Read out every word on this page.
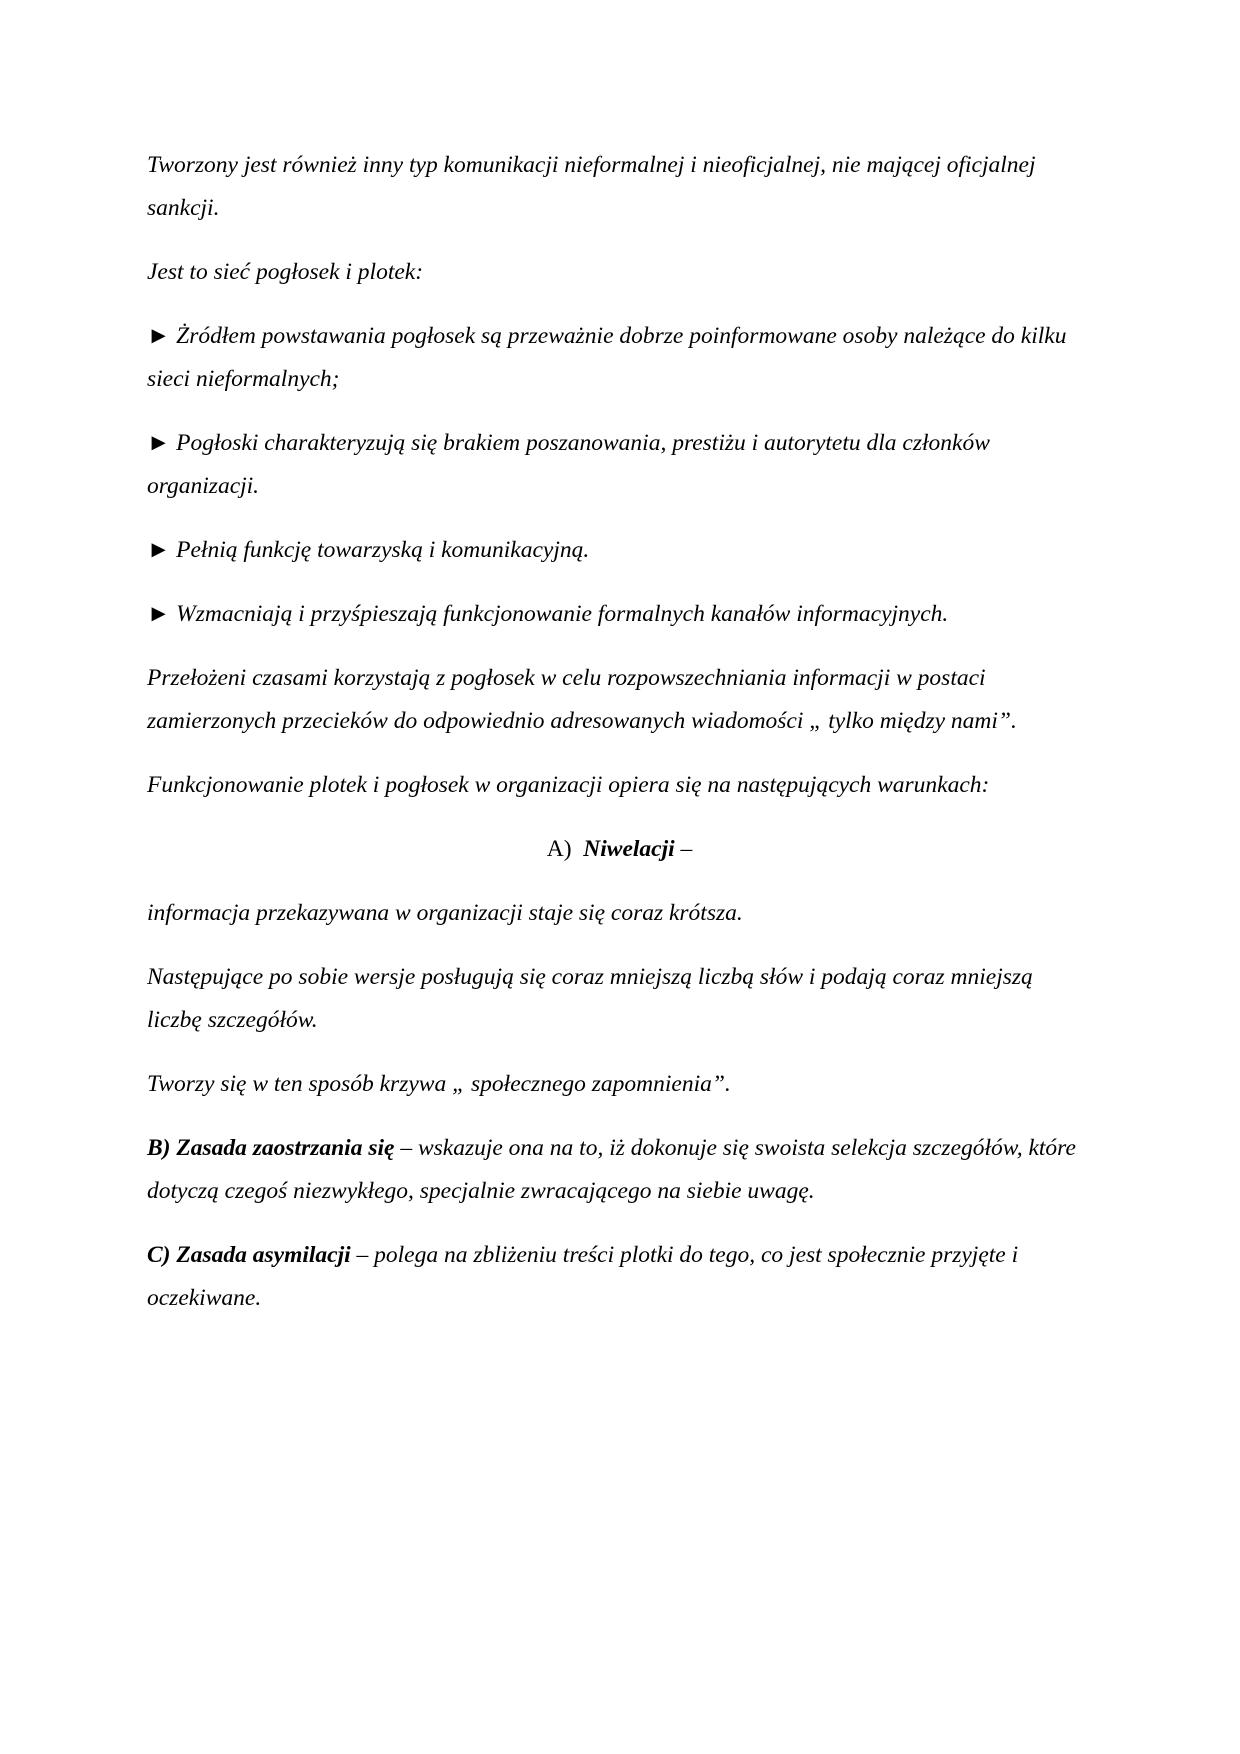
Tworzony jest również inny typ komunikacji nieformalnej i nieoficjalnej, nie mającej oficjalnej sankcji.

Jest to sieć pogłosek i plotek:

► Żródłem powstawania pogłosek są przeważnie dobrze poinformowane osoby należące do kilku sieci nieformalnych;

► Pogłoski charakteryzują się brakiem poszanowania, prestiżu i autorytetu dla członków organizacji.

► Pełnią funkcję towarzyską i komunikacyjną.

► Wzmacniają i przyśpieszają funkcjonowanie formalnych kanałów informacyjnych.

Przełożeni czasami korzystają z pogłosek w celu rozpowszechniania informacji w postaci zamierzonych przecieków do odpowiednio adresowanych wiadomości „ tylko między nami”.

Funkcjonowanie plotek i pogłosek w organizacji opiera się na następujących warunkach:

A) Niwelacji –

informacja przekazywana w organizacji staje się coraz krótsza.

Następujące po sobie wersje posługują się coraz mniejszą liczbą słów i podają coraz mniejszą liczbę szczegółów.

Tworzy się w ten sposób krzywa „ społecznego zapomnienia”.

B) Zasada zaostrzania się – wskazuje ona na to, iż dokonuje się swoista selekcja szczegółów, które dotyczą czegoś niezwykłego, specjalnie zwracającego na siebie uwagę.

C) Zasada asymilacji – polega na zbliżeniu treści plotki do tego, co jest społecznie przyjęte i oczekiwane.
